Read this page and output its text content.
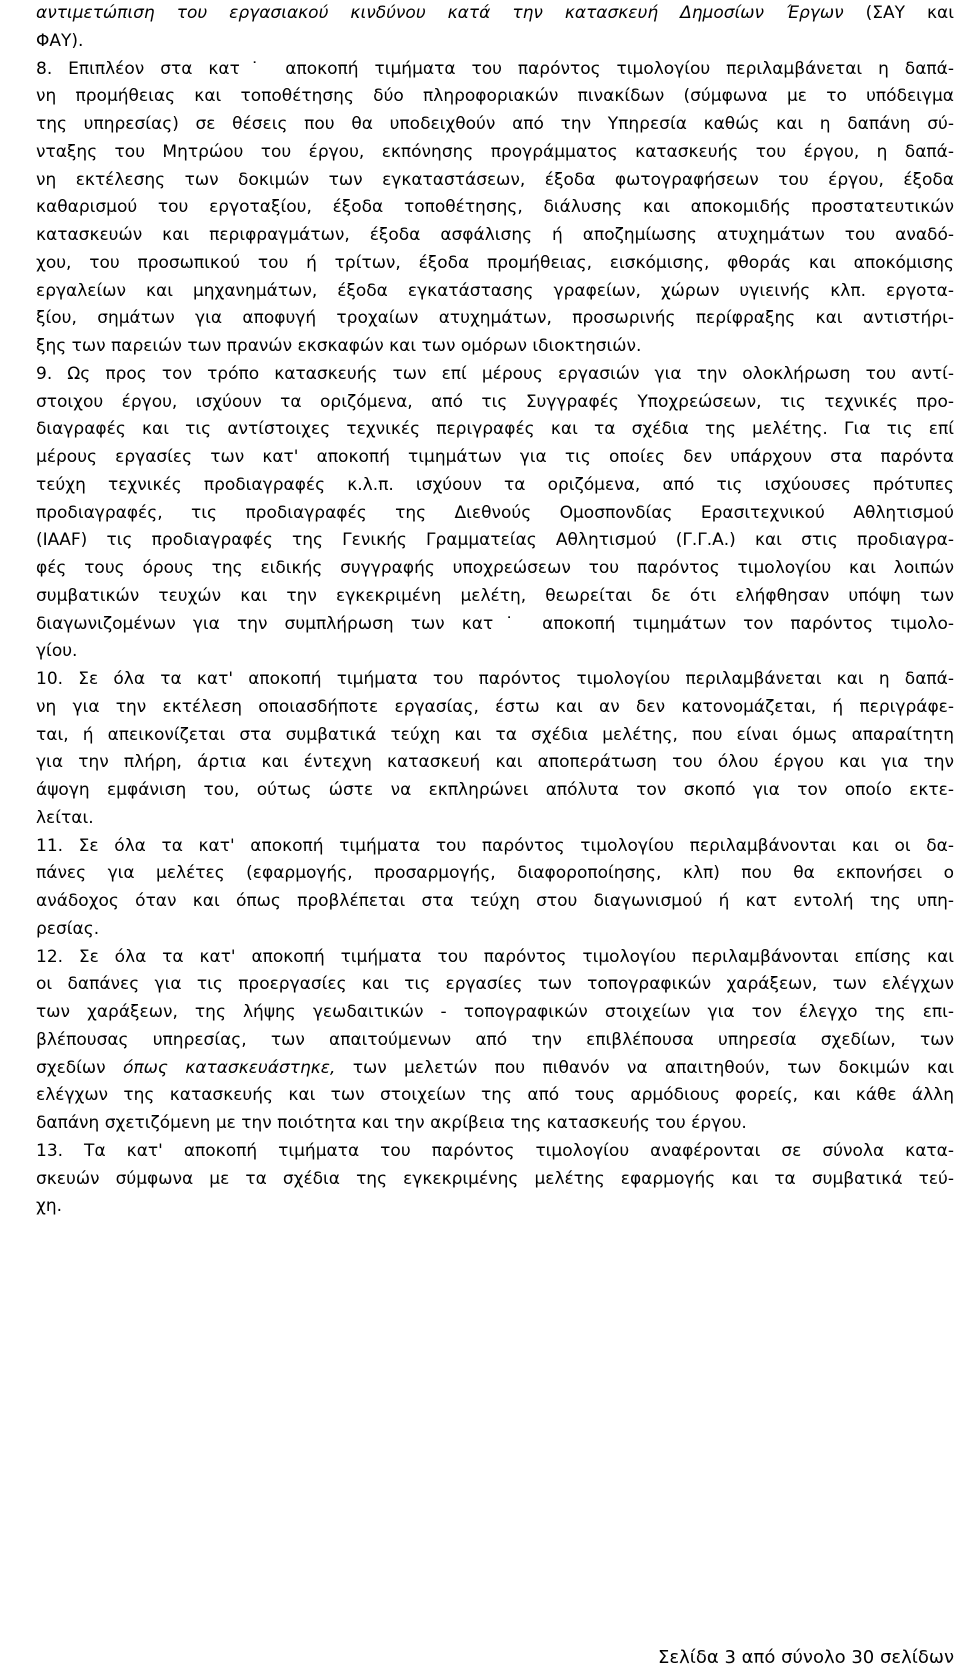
αντιμετώπιση του εργασιακού κινδύνου κατά την κατασκευή Δημοσίων Έργων (ΣΑΥ και
ΦΑΥ).
8. Επιπλέον στα κατ˙ αποκοπή τιμήματα του παρόντος τιμολογίου περιλαμβάνεται η δαπά-
νη προμήθειας και τοποθέτησης δύο πληροφοριακών πινακίδων (σύμφωνα με το υπόδειγμα
της υπηρεσίας) σε θέσεις που θα υποδειχθούν από την Υπηρεσία καθώς και η δαπάνη σύ-
νταξης του Μητρώου του έργου, εκπόνησης προγράμματος κατασκευής του έργου, η δαπά-
νη εκτέλεσης των δοκιμών των εγκαταστάσεων, έξοδα φωτογραφήσεων του έργου, έξοδα
καθαρισμού του εργοταξίου, έξοδα τοποθέτησης, διάλυσης και αποκομιδής προστατευτικών
κατασκευών και περιφραγμάτων, έξοδα ασφάλισης ή αποζημίωσης ατυχημάτων του αναδό-
χου, του προσωπικού του ή τρίτων, έξοδα προμήθειας, εισκόμισης, φθοράς και αποκόμισης
εργαλείων και μηχανημάτων, έξοδα εγκατάστασης γραφείων, χώρων υγιεινής κλπ. εργοτα-
ξίου, σημάτων για αποφυγή τροχαίων ατυχημάτων, προσωρινής περίφραξης και αντιστήρι-
ξης των παρειών των πρανών εκσκαφών και των ομόρων ιδιοκτησιών.
9. Ως προς τον τρόπο κατασκευής των επί μέρους εργασιών για την ολοκλήρωση του αντί-
στοιχου έργου, ισχύουν τα οριζόμενα, από τις Συγγραφές Υποχρεώσεων, τις τεχνικές προ-
διαγραφές και τις αντίστοιχες τεχνικές περιγραφές και τα σχέδια της μελέτης. Για τις επί
μέρους εργασίες των κατ' αποκοπή τιμημάτων για τις οποίες δεν υπάρχουν στα παρόντα
τεύχη τεχνικές προδιαγραφές κ.λ.π. ισχύουν τα οριζόμενα, από τις ισχύουσες πρότυπες
προδιαγραφές, τις προδιαγραφές της Διεθνούς Ομοσπονδίας Ερασιτεχνικού Αθλητισμού
(ΙΑΑF) τις προδιαγραφές της Γενικής Γραμματείας Αθλητισμού (Γ.Γ.Α.) και στις προδιαγρα-
φές τους όρους της ειδικής συγγραφής υποχρεώσεων του παρόντος τιμολογίου και λοιπών
συμβατικών τευχών και την εγκεκριμένη μελέτη, θεωρείται δε ότι ελήφθησαν υπόψη των
διαγωνιζομένων για την συμπλήρωση των κατ˙ αποκοπή τιμημάτων τον παρόντος τιμολο-
γίου.
10. Σε όλα τα κατ' αποκοπή τιμήματα του παρόντος τιμολογίου περιλαμβάνεται και η δαπά-
νη για την εκτέλεση οποιασδήποτε εργασίας, έστω και αν δεν κατονομάζεται, ή περιγράφε-
ται, ή απεικονίζεται στα συμβατικά τεύχη και τα σχέδια μελέτης, που είναι όμως απαραίτητη
για την πλήρη, άρτια και έντεχνη κατασκευή και αποπεράτωση του όλου έργου και για την
άψογη εμφάνιση του, ούτως ώστε να εκπληρώνει απόλυτα τον σκοπό για τον οποίο εκτε-
λείται.
11. Σε όλα τα κατ' αποκοπή τιμήματα του παρόντος τιμολογίου περιλαμβάνονται και οι δα-
πάνες για μελέτες (εφαρμογής, προσαρμογής, διαφοροποίησης, κλπ) που θα εκπονήσει ο
ανάδοχος όταν και όπως προβλέπεται στα τεύχη στου διαγωνισμού ή κατ εντολή της υπη-
ρεσίας.
12. Σε όλα τα κατ' αποκοπή τιμήματα του παρόντος τιμολογίου περιλαμβάνονται επίσης και
οι δαπάνες για τις προεργασίες και τις εργασίες των τοπογραφικών χαράξεων, των ελέγχων
των χαράξεων, της λήψης γεωδαιτικών - τοπογραφικών στοιχείων για τον έλεγχο της επι-
βλέπουσας υπηρεσίας, των απαιτούμενων από την επιβλέπουσα υπηρεσία σχεδίων, των
σχεδίων όπως κατασκευάστηκε, των μελετών που πιθανόν να απαιτηθούν, των δοκιμών και
ελέγχων της κατασκευής και των στοιχείων της από τους αρμόδιους φορείς, και κάθε άλλη
δαπάνη σχετιζόμενη με την ποιότητα και την ακρίβεια της κατασκευής του έργου.
13. Τα κατ' αποκοπή τιμήματα του παρόντος τιμολογίου αναφέρονται σε σύνολα κατα-
σκευών σύμφωνα με τα σχέδια της εγκεκριμένης μελέτης εφαρμογής και τα συμβατικά τεύ-
χη.
Σελίδα 3 από σύνολο 30 σελίδων
